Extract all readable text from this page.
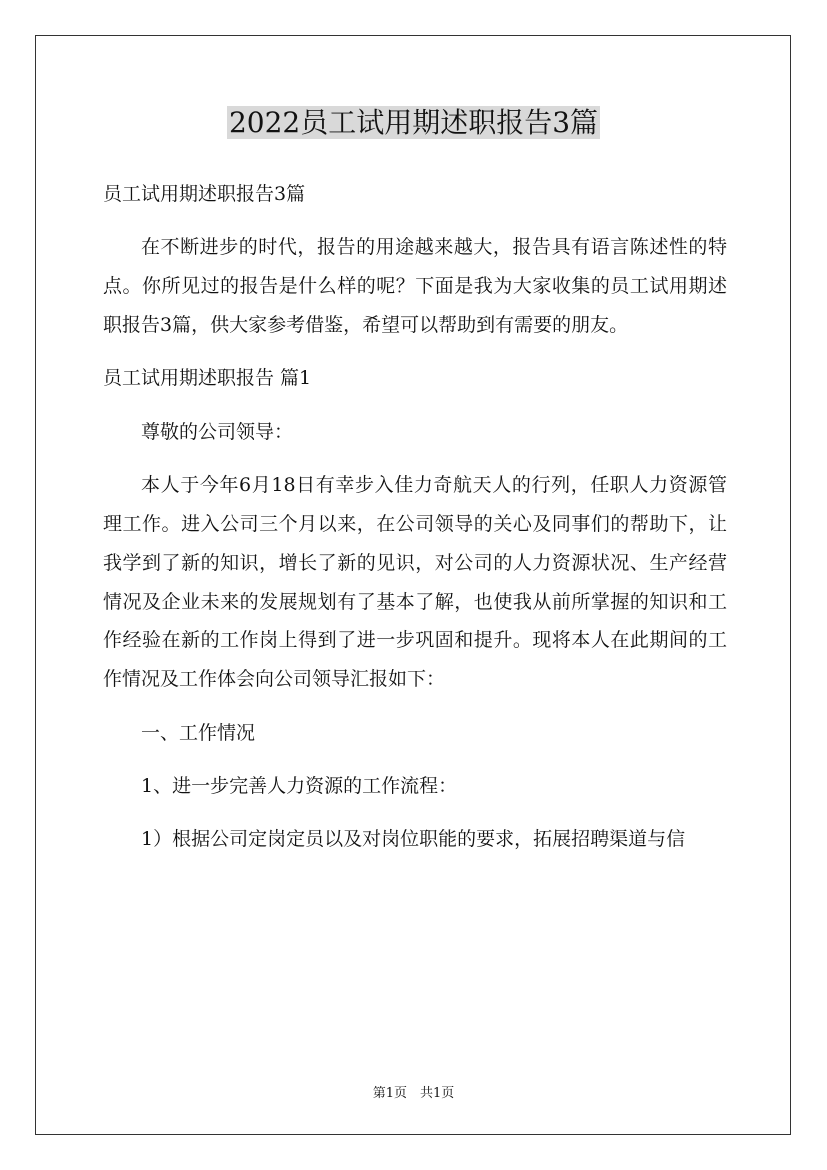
2022员工试用期述职报告3篇

员工试用期述职报告3篇

在不断进步的时代，报告的用途越来越大，报告具有语言陈述性的特点。你所见过的报告是什么样的呢？下面是我为大家收集的员工试用期述职报告3篇，供大家参考借鉴，希望可以帮助到有需要的朋友。

员工试用期述职报告 篇1

尊敬的公司领导：

本人于今年6月18日有幸步入佳力奇航天人的行列，任职人力资源管理工作。进入公司三个月以来，在公司领导的关心及同事们的帮助下，让我学到了新的知识，增长了新的见识，对公司的人力资源状况、生产经营情况及企业未来的发展规划有了基本了解，也使我从前所掌握的知识和工作经验在新的工作岗上得到了进一步巩固和提升。现将本人在此期间的工作情况及工作体会向公司领导汇报如下：

一、工作情况

1、进一步完善人力资源的工作流程：

1）根据公司定岗定员以及对岗位职能的要求，拓展招聘渠道与信

第1页　共1页
